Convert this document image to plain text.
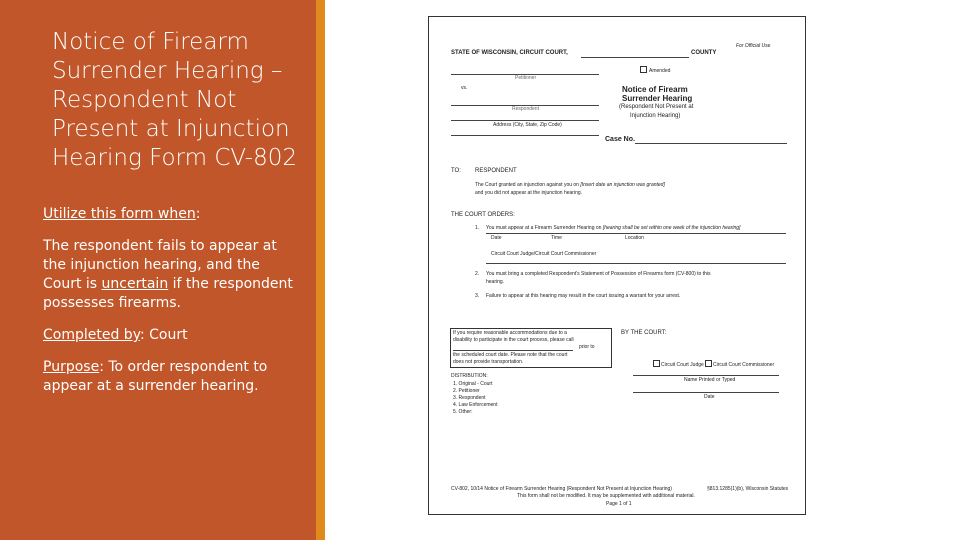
Notice of Firearm Surrender Hearing – Respondent Not Present at Injunction Hearing Form CV-802

Utilize this form when:

The respondent fails to appear at the injunction hearing, and the Court is uncertain if the respondent possesses firearms.

Completed by: Court

Purpose: To order respondent to appear at a surrender hearing.

For Official Use
STATE OF WISCONSIN, CIRCUIT COURT,	COUNTY
Petitioner
Amended
vs.	Notice of Firearm
Surrender Hearing
(Respondent Not Present at
Injunction Hearing)
Respondent
Address (City, State, Zip Code)
Case No.
TO: RESPONDENT
The Court granted an injunction against you on [Insert date an injunction was granted]
and you did not appear at the injunction hearing.
THE COURT ORDERS:
1. You must appear at a Firearm Surrender Hearing on [hearing shall be set within one week of the injunction hearing]
Date	Time	Location
Circuit Court Judge/Circuit Court Commissioner
2. You must bring a completed Respondent's Statement of Possession of Firearms form (CV-800) to this
hearing.
3. Failure to appear at this hearing may result in the court issuing a warrant for your arrest.
If you require reasonable accommodations due to a
disability to participate in the court process, please call
prior to
the scheduled court date. Please note that the court
does not provide transportation.
BY THE COURT:
Circuit Court Judge Circuit Court Commissioner
Name Printed or Typed
Date
DISTRIBUTION:
1. Original - Court
2. Petitioner
3. Respondent
4. Law Enforcement
5. Other:
CV-802, 10/14 Notice of Firearm Surrender Hearing (Respondent Not Present at Injunction Hearing)	§813.1285(1)(b), Wisconsin Statutes
This form shall not be modified. It may be supplemented with additional material.
Page 1 of 1
